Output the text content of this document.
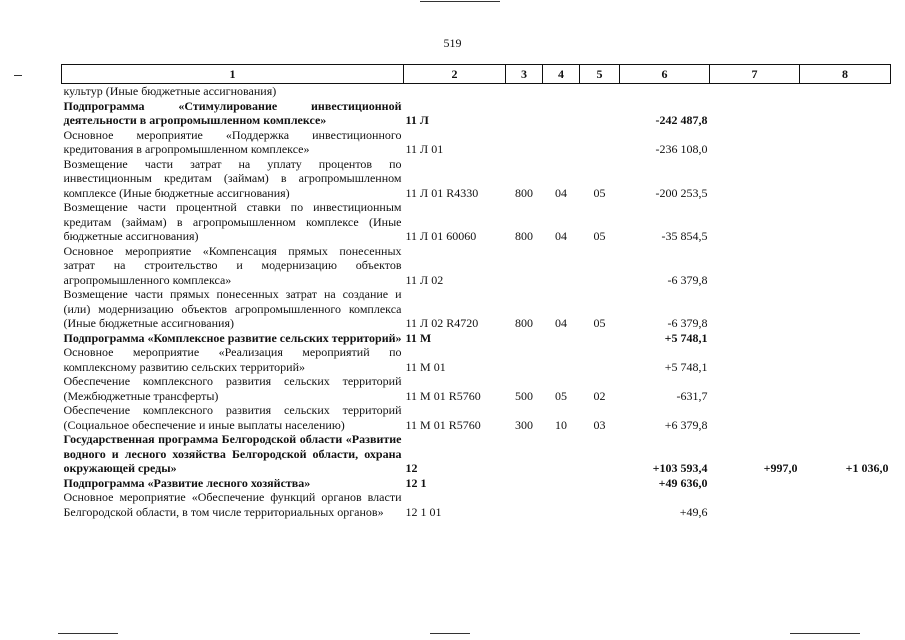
519
1	2	3	4	5	6	7	8
культур (Иные бюджетные ассигнования)							
Подпрограмма «Стимулирование инвестиционной деятельности в агропромышленном комплексе»	11 Л				-242 487,8		
Основное мероприятие «Поддержка инвестиционного кредитования в агропромышленном комплексе»	11 Л 01				-236 108,0		
Возмещение части затрат на уплату процентов по инвестиционным кредитам (займам) в агропромышленном комплексе (Иные бюджетные ассигнования)	11 Л 01 R4330	800	04	05	-200 253,5		
Возмещение части процентной ставки по инвестиционным кредитам (займам) в агропромышленном комплексе (Иные бюджетные ассигнования)	11 Л 01 60060	800	04	05	-35 854,5		
Основное мероприятие «Компенсация прямых понесенных затрат на строительство и модернизацию объектов агропромышленного комплекса»	11 Л 02				-6 379,8		
Возмещение части прямых понесенных затрат на создание и (или) модернизацию объектов агропромышленного комплекса (Иные бюджетные ассигнования)	11 Л 02 R4720	800	04	05	-6 379,8		
Подпрограмма «Комплексное развитие сельских территорий»	11 М				+5 748,1		
Основное мероприятие «Реализация мероприятий по комплексному развитию сельских территорий»	11 М 01				+5 748,1		
Обеспечение комплексного развития сельских территорий (Межбюджетные трансферты)	11 М 01 R5760	500	05	02	-631,7		
Обеспечение комплексного развития сельских территорий (Социальное обеспечение и иные выплаты населению)	11 М 01 R5760	300	10	03	+6 379,8		
Государственная программа Белгородской области «Развитие водного и лесного хозяйства Белгородской области, охрана окружающей среды»	12				+103 593,4	+997,0	+1 036,0
Подпрограмма «Развитие лесного хозяйства»	12 1				+49 636,0		
Основное мероприятие «Обеспечение функций органов власти Белгородской области, в том числе территориальных органов»	12 1 01				+49,6		
